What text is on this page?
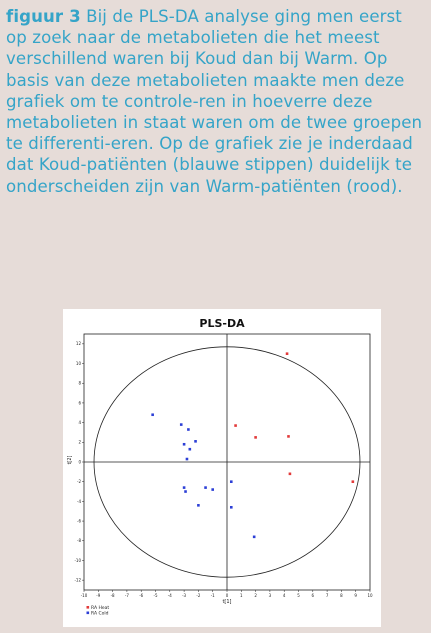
figuur 3 Bij de PLS-DA analyse ging men eerst op zoek naar de metabolieten die het meest verschillend waren bij Koud dan bij Warm. Op basis van deze metabolieten maakte men deze grafiek om te controle-ren in hoeverre deze metabolieten in staat waren om de twee groepen te differenti-eren. Op de grafiek zie je inderdaad dat Koud-patiënten (blauwe stippen) duidelijk te onderscheiden zijn van Warm-patiënten (rood).
PLS-DA
-10 -9	-8	-7	-6	-5	-4	-3	-2	-1	0	1	2	3	4	5	6	7	8	9	10
12
10
8
6
4
2
0
-2
-4
-6
-8
-10
-12
t[1]
t[2]
RA Heat
RA Cold
